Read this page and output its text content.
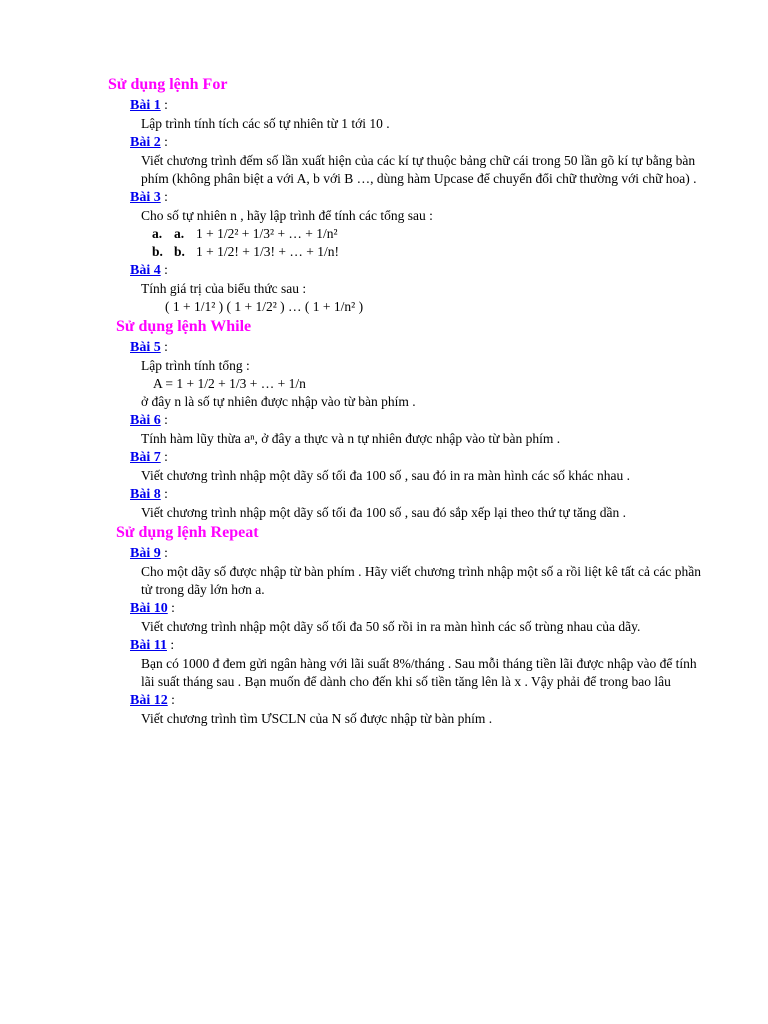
Sử dụng lệnh For
Bài 1 :

Lập trình tính tích các số tự nhiên từ 1 tới 10 .

Bài 2 :

Viết chương trình đếm số lần xuất hiện của các kí tự thuộc bảng chữ cái trong 50 lần gõ kí tự bằng bàn phím (không phân biệt a với A, b với B …, dùng hàm Upcase để chuyển đổi chữ thường với chữ hoa) .

Bài 3 :

Cho số tự nhiên n , hãy lập trình để tính các tổng sau :

a. a. 1 + 1/2² + 1/3² + … + 1/n²
b. b. 1 + 1/2! + 1/3! + … + 1/n!
Bài 4 :

Tính giá trị của biểu thức sau :

( 1 + 1/1² ) ( 1 + 1/2² ) … ( 1 + 1/n² )
Sử dụng lệnh While
Bài 5 :

Lập trình tính tổng :

A = 1 + 1/2 + 1/3 + … + 1/n

ở đây n là số tự nhiên được nhập vào từ bàn phím .

Bài 6 :

Tính hàm lũy thừa aⁿ, ở đây a thực và n tự nhiên được nhập vào từ bàn phím .

Bài 7 :

Viết chương trình nhập một dãy số tối đa 100 số , sau đó in ra màn hình các số khác nhau .

Bài 8 :

Viết chương trình nhập một dãy số tối đa 100 số , sau đó sắp xếp lại theo thứ tự tăng dần .

Sử dụng lệnh Repeat
Bài 9 :

Cho một dãy số được nhập từ bàn phím . Hãy viết chương trình nhập một số a rồi liệt kê tất cả các phần tử trong dãy lớn hơn a.

Bài 10 :

Viết chương trình nhập một dãy số tối đa 50 số rồi in ra màn hình các số trùng nhau của dãy.

Bài 11 :

Bạn có 1000 đ đem gửi ngân hàng với lãi suất 8%/tháng . Sau mỗi tháng tiền lãi được nhập vào để tính lãi suất tháng sau . Bạn muốn để dành cho đến khi số tiền tăng lên là x . Vậy phải để trong bao lâu

Bài 12 :

Viết chương trình tìm ƯSCLN của N số được nhập từ bàn phím .
